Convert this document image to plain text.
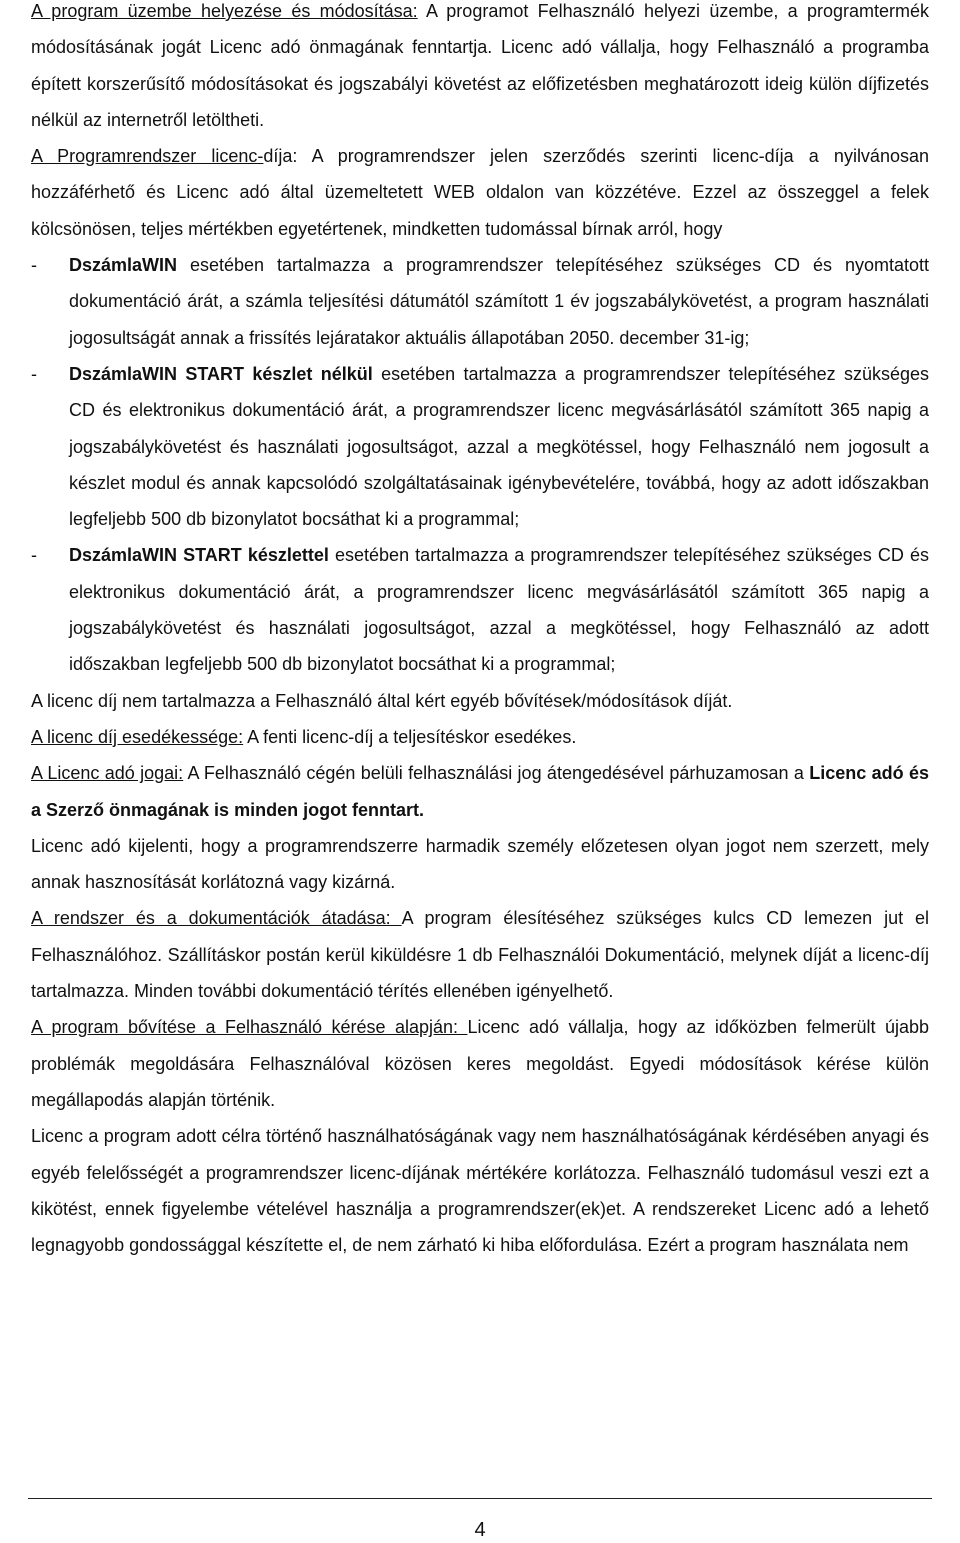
A program üzembe helyezése és módosítása: A programot Felhasználó helyezi üzembe, a programtermék módosításának jogát Licenc adó önmagának fenntartja. Licenc adó vállalja, hogy Felhasználó a programba épített korszerűsítő módosításokat és jogszabályi követést az előfizetésben meghatározott ideig külön díjfizetés nélkül az internetről letöltheti.

A Programrendszer licenc-díja: A programrendszer jelen szerződés szerinti licenc-díja a nyilvánosan hozzáférhető és Licenc adó által üzemeltetett WEB oldalon van közzétéve. Ezzel az összeggel a felek kölcsönösen, teljes mértékben egyetértenek, mindketten tudomással bírnak arról, hogy

-	DszámlaWIN esetében tartalmazza a programrendszer telepítéséhez szükséges CD és nyomtatott dokumentáció árát, a számla teljesítési dátumától számított 1 év jogszabálykövetést, a program használati jogosultságát annak a frissítés lejáratakor aktuális állapotában 2050. december 31-ig;
-	DszámlaWIN START készlet nélkül esetében tartalmazza a programrendszer telepítéséhez szükséges CD és elektronikus dokumentáció árát, a programrendszer licenc megvásárlásától számított 365 napig a jogszabálykövetést és használati jogosultságot, azzal a megkötéssel, hogy Felhasználó nem jogosult a készlet modul és annak kapcsolódó szolgáltatásainak igénybevételére, továbbá, hogy az adott időszakban legfeljebb 500 db bizonylatot bocsáthat ki a programmal;
-	DszámlaWIN START készlettel esetében tartalmazza a programrendszer telepítéséhez szükséges CD és elektronikus dokumentáció árát, a programrendszer licenc megvásárlásától számított 365 napig a jogszabálykövetést és használati jogosultságot, azzal a megkötéssel, hogy Felhasználó az adott időszakban legfeljebb 500 db bizonylatot bocsáthat ki a programmal;

A licenc díj nem tartalmazza a Felhasználó által kért egyéb bővítések/módosítások díját.

A licenc díj esedékessége: A fenti licenc-díj a teljesítéskor esedékes.

A Licenc adó jogai: A Felhasználó cégén belüli felhasználási jog átengedésével párhuzamosan a Licenc adó és a Szerző önmagának is minden jogot fenntart.

Licenc adó kijelenti, hogy a programrendszerre harmadik személy előzetesen olyan jogot nem szerzett, mely annak hasznosítását korlátozná vagy kizárná.

A rendszer és a dokumentációk átadása: A program élesítéséhez szükséges kulcs CD lemezen jut el Felhasználóhoz. Szállításkor postán kerül kiküldésre 1 db Felhasználói Dokumentáció, melynek díját a licenc-díj tartalmazza. Minden további dokumentáció térítés ellenében igényelhető.

A program bővítése a Felhasználó kérése alapján: Licenc adó vállalja, hogy az időközben felmerült újabb problémák megoldására Felhasználóval közösen keres megoldást. Egyedi módosítások kérése külön megállapodás alapján történik.

Licenc a program adott célra történő használhatóságának vagy nem használhatóságának kérdésében anyagi és egyéb felelősségét a programrendszer licenc-díjának mértékére korlátozza. Felhasználó tudomásul veszi ezt a kikötést, ennek figyelembe vételével használja a programrendszer(ek)et. A rendszereket Licenc adó a lehető legnagyobb gondossággal készítette el, de nem zárható ki hiba előfordulása. Ezért a program használata nem

4
